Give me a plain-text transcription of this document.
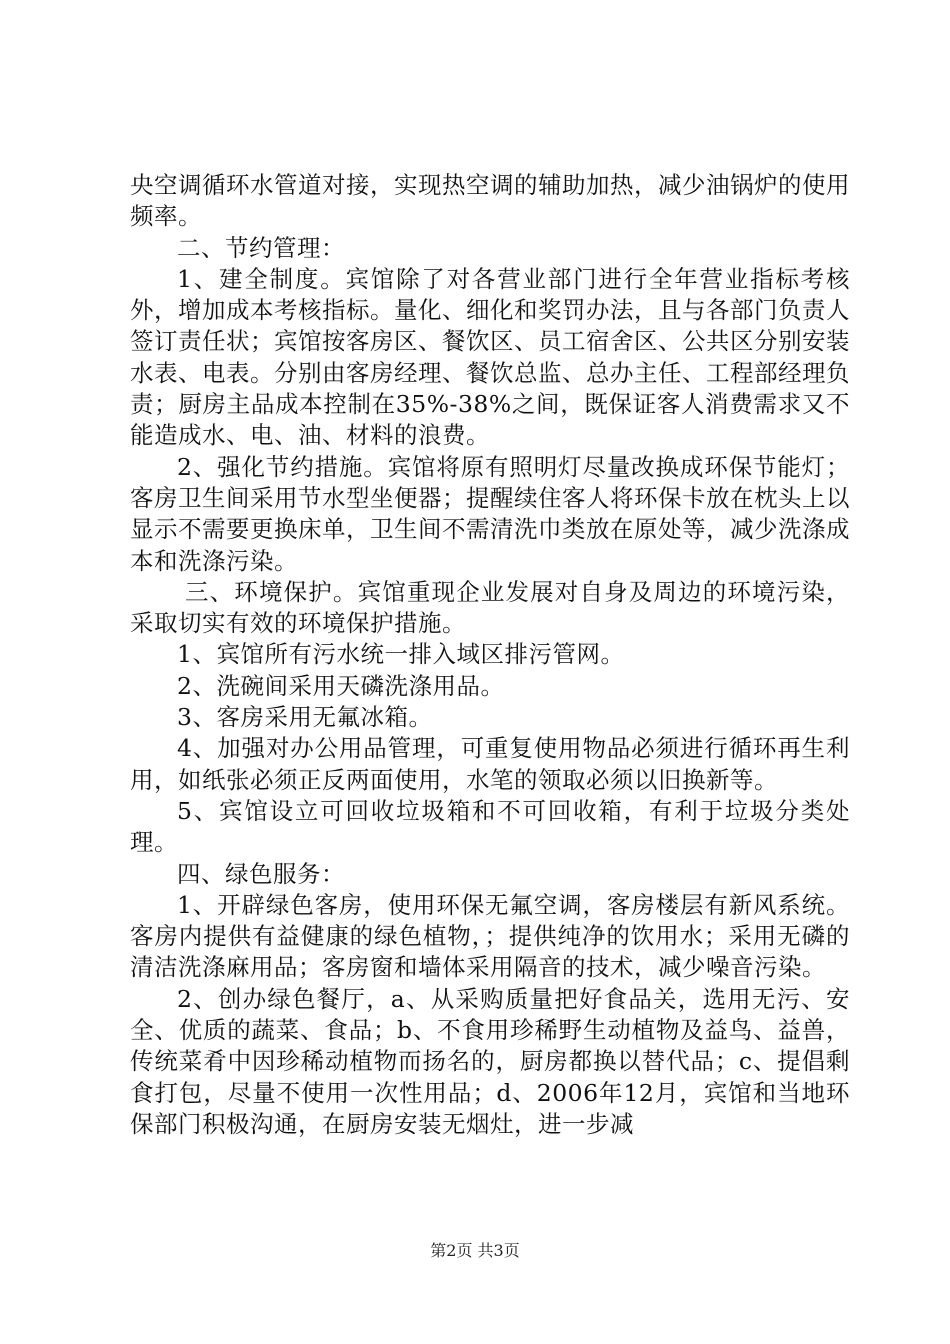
央空调循环水管道对接，实现热空调的辅助加热，减少油锅炉的使用频率。

二、节约管理：

1、建全制度。宾馆除了对各营业部门进行全年营业指标考核外，增加成本考核指标。量化、细化和奖罚办法，且与各部门负责人签订责任状；宾馆按客房区、餐饮区、员工宿舍区、公共区分别安装水表、电表。分别由客房经理、餐饮总监、总办主任、工程部经理负责；厨房主品成本控制在35%-38%之间，既保证客人消费需求又不能造成水、电、油、材料的浪费。

2、强化节约措施。宾馆将原有照明灯尽量改换成环保节能灯；客房卫生间采用节水型坐便器；提醒续住客人将环保卡放在枕头上以显示不需要更换床单，卫生间不需清洗巾类放在原处等，减少洗涤成本和洗涤污染。

三、环境保护。宾馆重现企业发展对自身及周边的环境污染，采取切实有效的环境保护措施。

1、宾馆所有污水统一排入域区排污管网。

2、洗碗间采用天磷洗涤用品。

3、客房采用无氟冰箱。

4、加强对办公用品管理，可重复使用物品必须进行循环再生利用，如纸张必须正反两面使用，水笔的领取必须以旧换新等。

5、宾馆设立可回收垃圾箱和不可回收箱，有利于垃圾分类处理。

四、绿色服务：

1、开辟绿色客房，使用环保无氟空调，客房楼层有新风系统。客房内提供有益健康的绿色植物，；提供纯净的饮用水；采用无磷的清洁洗涤麻用品；客房窗和墙体采用隔音的技术，减少噪音污染。

2、创办绿色餐厅，a、从采购质量把好食品关，选用无污、安全、优质的蔬菜、食品；b、不食用珍稀野生动植物及益鸟、益兽，传统菜肴中因珍稀动植物而扬名的，厨房都换以替代品；c、提倡剩食打包，尽量不使用一次性用品；d、2006年12月，宾馆和当地环保部门积极沟通，在厨房安装无烟灶，进一步减

第2页 共3页
